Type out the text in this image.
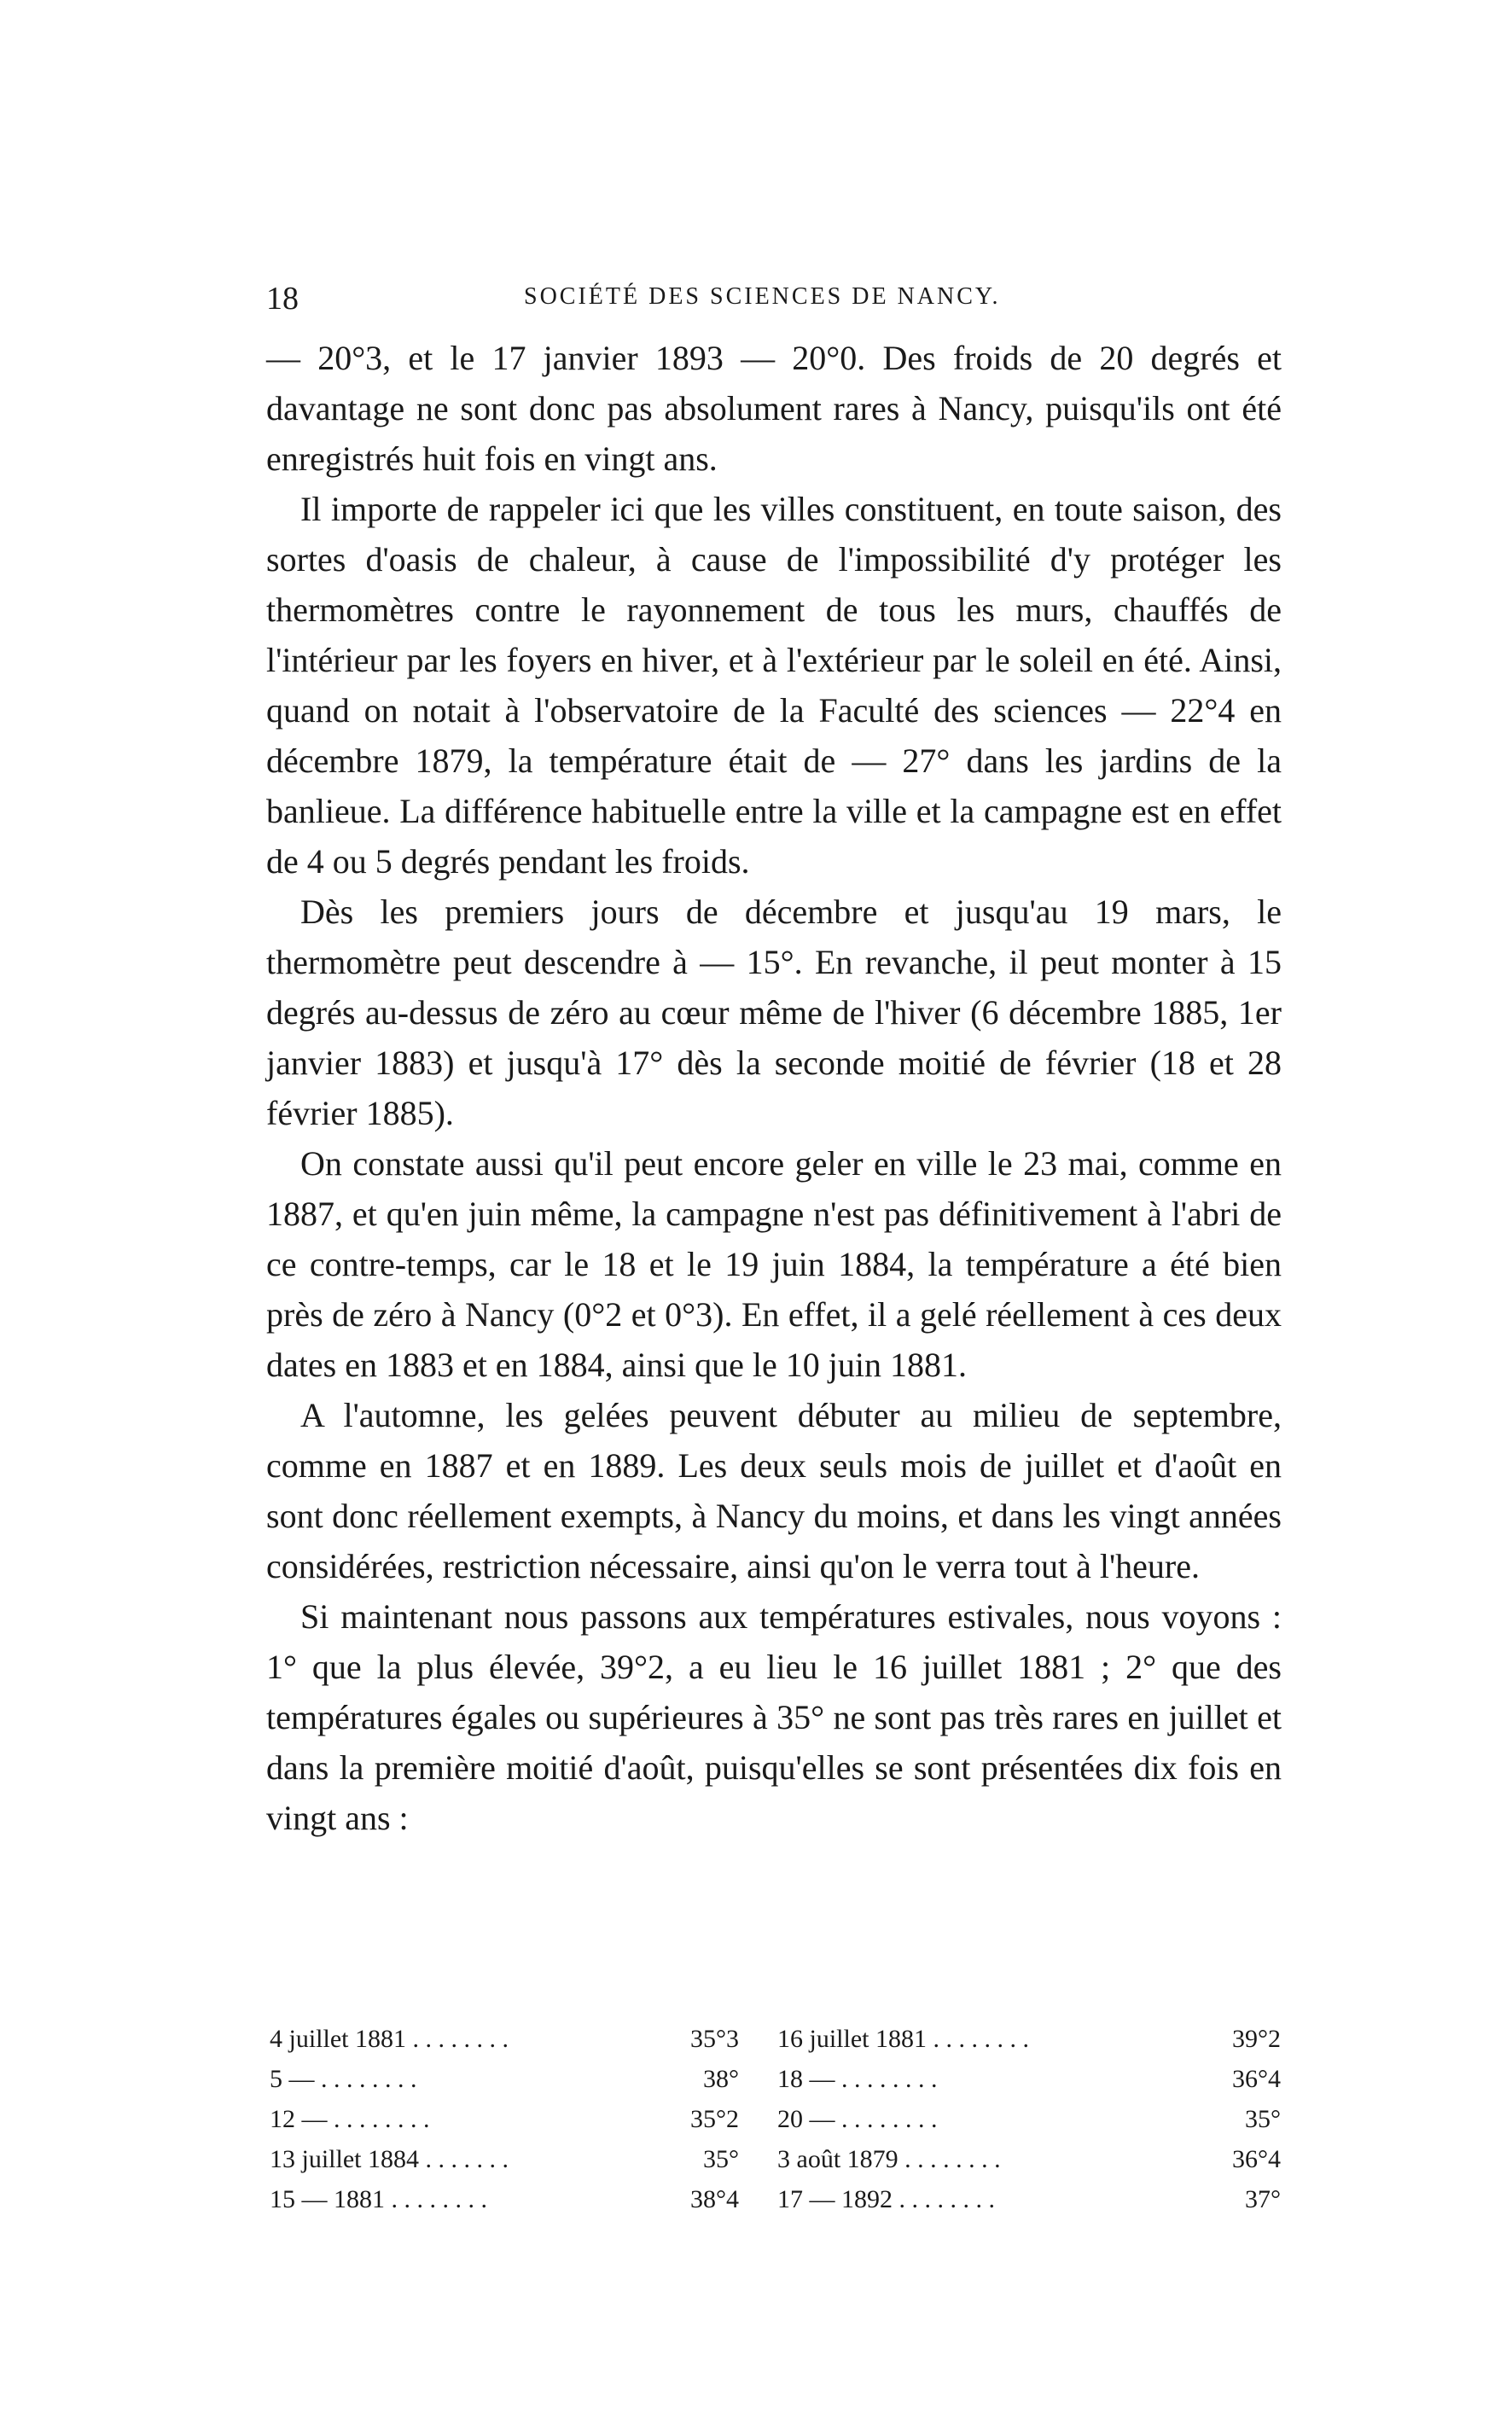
18	SOCIÉTÉ DES SCIENCES DE NANCY.

— 20°3, et le 17 janvier 1893 — 20°0. Des froids de 20 degrés et davantage ne sont donc pas absolument rares à Nancy, puisqu'ils ont été enregistrés huit fois en vingt ans.

Il importe de rappeler ici que les villes constituent, en toute saison, des sortes d'oasis de chaleur, à cause de l'impossibilité d'y protéger les thermomètres contre le rayonnement de tous les murs, chauffés de l'intérieur par les foyers en hiver, et à l'extérieur par le soleil en été. Ainsi, quand on notait à l'observatoire de la Faculté des sciences — 22°4 en décembre 1879, la température était de — 27° dans les jardins de la banlieue. La différence habituelle entre la ville et la campagne est en effet de 4 ou 5 degrés pendant les froids.

Dès les premiers jours de décembre et jusqu'au 19 mars, le thermomètre peut descendre à — 15°. En revanche, il peut monter à 15 degrés au-dessus de zéro au cœur même de l'hiver (6 décembre 1885, 1er janvier 1883) et jusqu'à 17° dès la seconde moitié de février (18 et 28 février 1885).

On constate aussi qu'il peut encore geler en ville le 23 mai, comme en 1887, et qu'en juin même, la campagne n'est pas définitivement à l'abri de ce contre-temps, car le 18 et le 19 juin 1884, la température a été bien près de zéro à Nancy (0°2 et 0°3). En effet, il a gelé réellement à ces deux dates en 1883 et en 1884, ainsi que le 10 juin 1881.

A l'automne, les gelées peuvent débuter au milieu de septembre, comme en 1887 et en 1889. Les deux seuls mois de juillet et d'août en sont donc réellement exempts, à Nancy du moins, et dans les vingt années considérées, restriction nécessaire, ainsi qu'on le verra tout à l'heure.

Si maintenant nous passons aux températures estivales, nous voyons : 1° que la plus élevée, 39°2, a eu lieu le 16 juillet 1881 ; 2° que des températures égales ou supérieures à 35° ne sont pas très rares en juillet et dans la première moitié d'août, puisqu'elles se sont présentées dix fois en vingt ans :

4 juillet 1881 . . . . . . . .	35°3 16 juillet 1881 . . . . . . . .	39°2
5 — . . . . . . . .	38° 18 — . . . . . . . .	36°4
12 — . . . . . . . .	35°2 20 — . . . . . . . .	35°
13 juillet 1884 . . . . . . .	35° 3 août 1879 . . . . . . . .	36°4
15 — 1881 . . . . . . . .	38°4 17 — 1892 . . . . . . . .	37°
